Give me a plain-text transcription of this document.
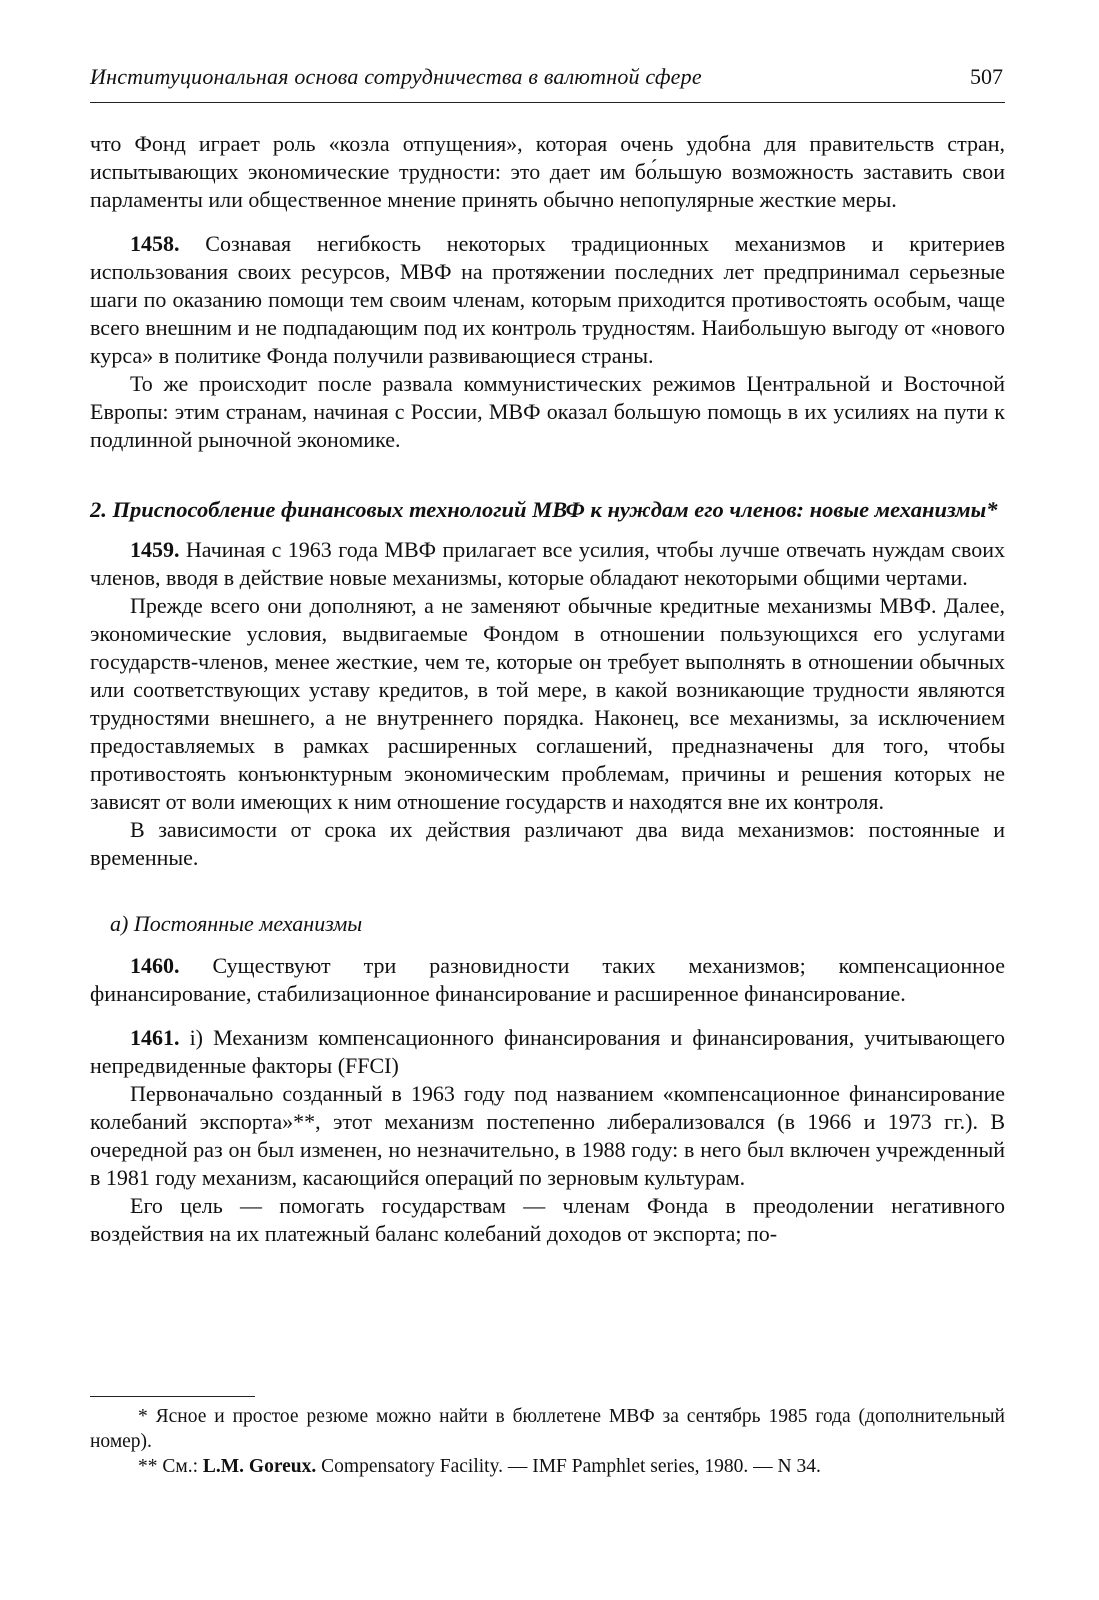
Институциональная основа сотрудничества в валютной сфере	507

что Фонд играет роль «козла отпущения», которая очень удобна для правительств стран, испытывающих экономические трудности: это дает им бо́льшую возможность заставить свои парламенты или общественное мнение принять обычно непопулярные жесткие меры.

1458. Сознавая негибкость некоторых традиционных механизмов и критериев использования своих ресурсов, МВФ на протяжении последних лет предпринимал серьезные шаги по оказанию помощи тем своим членам, которым приходится противостоять особым, чаще всего внешним и не подпадающим под их контроль трудностям. Наибольшую выгоду от «нового курса» в политике Фонда получили развивающиеся страны.

То же происходит после развала коммунистических режимов Центральной и Восточной Европы: этим странам, начиная с России, МВФ оказал большую помощь в их усилиях на пути к подлинной рыночной экономике.

2. Приспособление финансовых технологий МВФ к нуждам его членов: новые механизмы*

1459. Начиная с 1963 года МВФ прилагает все усилия, чтобы лучше отвечать нуждам своих членов, вводя в действие новые механизмы, которые обладают некоторыми общими чертами.

Прежде всего они дополняют, а не заменяют обычные кредитные механизмы МВФ. Далее, экономические условия, выдвигаемые Фондом в отношении пользующихся его услугами государств-членов, менее жесткие, чем те, которые он требует выполнять в отношении обычных или соответствующих уставу кредитов, в той мере, в какой возникающие трудности являются трудностями внешнего, а не внутреннего порядка. Наконец, все механизмы, за исключением предоставляемых в рамках расширенных соглашений, предназначены для того, чтобы противостоять конъюнктурным экономическим проблемам, причины и решения которых не зависят от воли имеющих к ним отношение государств и находятся вне их контроля.

В зависимости от срока их действия различают два вида механизмов: постоянные и временные.

а) Постоянные механизмы

1460. Существуют три разновидности таких механизмов; компенсационное финансирование, стабилизационное финансирование и расширенное финансирование.

1461. i) Механизм компенсационного финансирования и финансирования, учитывающего непредвиденные факторы (FFCI)

Первоначально созданный в 1963 году под названием «компенсационное финансирование колебаний экспорта»**, этот механизм постепенно либерализовался (в 1966 и 1973 гг.). В очередной раз он был изменен, но незначительно, в 1988 году: в него был включен учрежденный в 1981 году механизм, касающийся операций по зерновым культурам.

Его цель — помогать государствам — членам Фонда в преодолении негативного воздействия на их платежный баланс колебаний доходов от экспорта; по-

* Ясное и простое резюме можно найти в бюллетене МВФ за сентябрь 1985 года (дополнительный номер).

** См.: L.M. Goreux. Compensatory Facility. — IMF Pamphlet series, 1980. — N 34.
